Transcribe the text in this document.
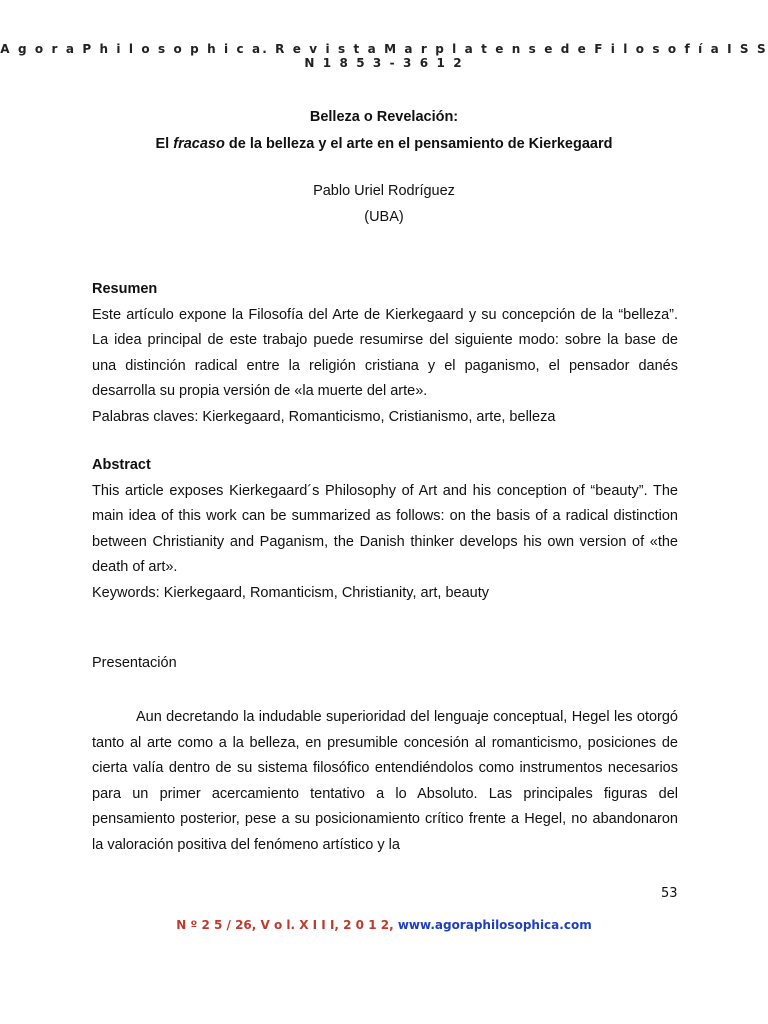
A g o r a P h i l o s o p h i c a. R e v i s t a M a r p l a t e n s e d e F i l o s o f í a I S S N 1 8 5 3 - 3 6 1 2
Belleza o Revelación:
El fracaso de la belleza y el arte en el pensamiento de Kierkegaard
Pablo Uriel Rodríguez
(UBA)
Resumen

Este artículo expone la Filosofía del Arte de Kierkegaard y su concepción de la “belleza”. La idea principal de este trabajo puede resumirse del siguiente modo: sobre la base de una distinción radical entre la religión cristiana y el paganismo, el pensador danés desarrolla su propia versión de «la muerte del arte».

Palabras claves: Kierkegaard, Romanticismo, Cristianismo, arte, belleza

Abstract

This article exposes Kierkegaard´s Philosophy of Art and his conception of “beauty”. The main idea of this work can be summarized as follows: on the basis of a radical distinction between Christianity and Paganism, the Danish thinker develops his own version of «the death of art».

Keywords: Kierkegaard, Romanticism, Christianity, art, beauty

Presentación
Aun decretando la indudable superioridad del lenguaje conceptual, Hegel les otorgó tanto al arte como a la belleza, en presumible concesión al romanticismo, posiciones de cierta valía dentro de su sistema filosófico entendiéndolos como instrumentos necesarios para un primer acercamiento tentativo a lo Absoluto. Las principales figuras del pensamiento posterior, pese a su posicionamiento crítico frente a Hegel, no abandonaron la valoración positiva del fenómeno artístico y la
53
N º 2 5 / 26, V o l. X I I I, 2 0 1 2, www.agoraphilosophica.com
